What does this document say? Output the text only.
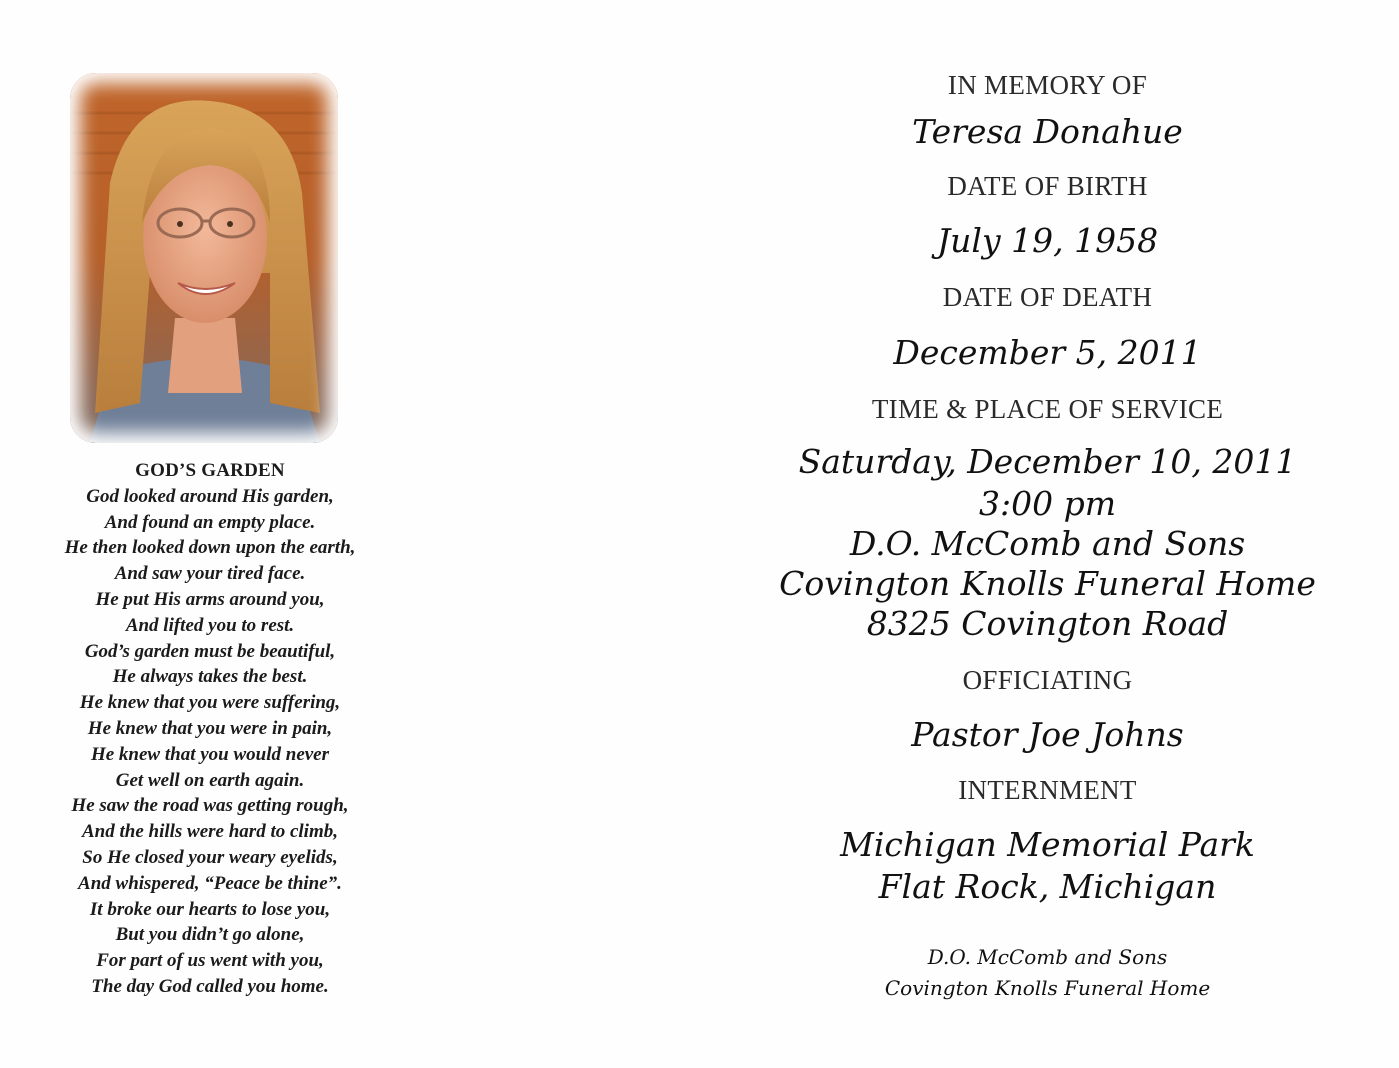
GOD’S GARDEN
God looked around His garden,
And found an empty place.
He then looked down upon the earth,
And saw your tired face.
He put His arms around you,
And lifted you to rest.
God’s garden must be beautiful,
He always takes the best.
He knew that you were suffering,
He knew that you were in pain,
He knew that you would never
Get well on earth again.
He saw the road was getting rough,
And the hills were hard to climb,
So He closed your weary eyelids,
And whispered, “Peace be thine”.
It broke our hearts to lose you,
But you didn’t go alone,
For part of us went with you,
The day God called you home.
IN MEMORY OF
Teresa Donahue
DATE OF BIRTH
July 19, 1958
DATE OF DEATH
December 5, 2011
TIME & PLACE OF SERVICE
Saturday, December 10, 2011
3:00 pm
D.O. McComb and Sons
Covington Knolls Funeral Home
8325 Covington Road
OFFICIATING
Pastor Joe Johns
INTERNMENT
Michigan Memorial Park
Flat Rock, Michigan
D.O. McComb and Sons
Covington Knolls Funeral Home
